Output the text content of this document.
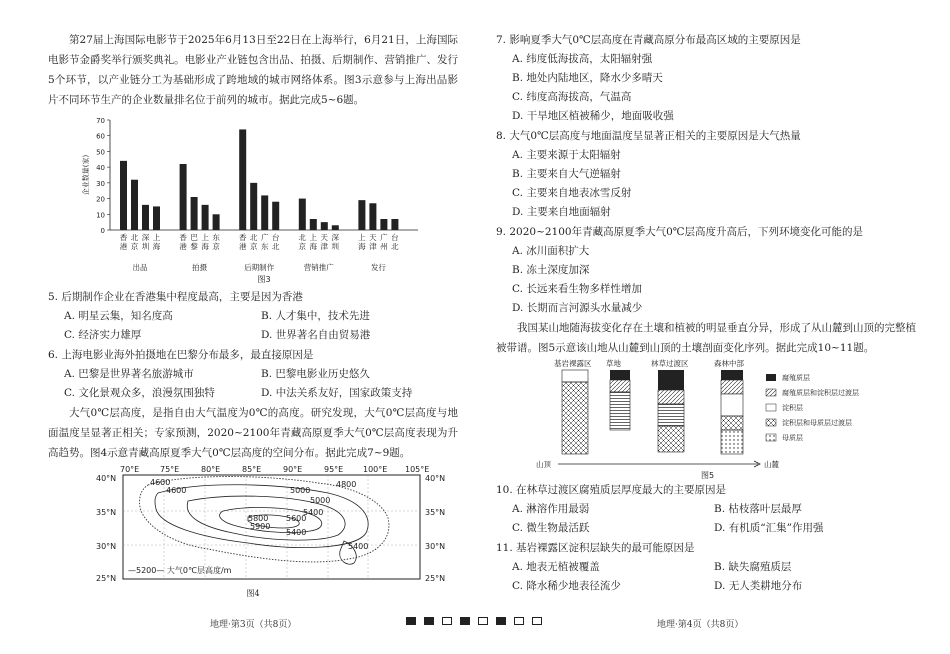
第27届上海国际电影节于2025年6月13日至22日在上海举行，6月21日，上海国际电影节金爵奖举行颁奖典礼。电影业产业链包含出品、拍摄、后期制作、营销推广、发行5个环节，以产业链分工为基础形成了跨地域的城市网络体系。图3示意参与上海出品影片不同环节生产的企业数量排名位于前列的城市。据此完成5~6题。

0
10
20
30
40
50
60
70
企业数量(家)
香
港
北
京
深
圳
上
海
出品
香
港
巴
黎
上
海
东
京
拍摄
香
港
北
京
广
东
台
北
后期制作
北
京
上
海
天
津
深
圳
营销推广
上
海
天
津
广
州
台
北
发行
图3

5. 后期制作企业在香港集中程度最高，主要是因为香港

A. 明星云集，知名度高	B. 人才集中，技术先进
C. 经济实力雄厚	D. 世界著名自由贸易港

6. 上海电影业海外拍摄地在巴黎分布最多，最直接原因是

A. 巴黎是世界著名旅游城市	B. 巴黎电影业历史悠久
C. 文化景观众多，浪漫氛围独特	D. 中法关系友好，国家政策支持

大气0℃层高度，是指自由大气温度为0℃的高度。研究发现，大气0℃层高度与地面温度呈显著正相关；专家预测，2020~2100年青藏高原夏季大气0℃层高度表现为升高趋势。图4示意青藏高原夏季大气0℃层高度的空间分布。据此完成7~9题。

70°E	75°E	80°E	85°E	90°E	95°E 100°E 105°E
40°N
35°N
30°N
25°N
40°N
35°N
30°N
25°N
4600
4600	5000
4800
5000
5400
5600
5800
5900
5400
5400
—5200— 大气0℃层高度/m
图4

7. 影响夏季大气0℃层高度在青藏高原分布最高区域的主要原因是

A. 纬度低海拔高，太阳辐射强
B. 地处内陆地区，降水少多晴天
C. 纬度高海拔高，气温高
D. 干旱地区植被稀少，地面吸收强

8. 大气0℃层高度与地面温度呈显著正相关的主要原因是大气热量

A. 主要来源于太阳辐射
B. 主要来自大气逆辐射
C. 主要来自地表冰雪反射
D. 主要来自地面辐射

9. 2020~2100年青藏高原夏季大气0℃层高度升高后，下列环境变化可能的是

A. 冰川面积扩大
B. 冻土深度加深
C. 长远来看生物多样性增加
D. 长期而言河源头水量减少

我国某山地随海拔变化存在土壤和植被的明显垂直分异，形成了从山麓到山顶的完整植被带谱。图5示意该山地从山麓到山顶的土壤剖面变化序列。据此完成10~11题。

基岩裸露区 草地	林草过渡区	森林中部
腐殖质层
腐殖质层和淀积层过渡层
淀积层
淀积层和母质层过渡层
母质层
山顶	山麓
图5

10. 在林草过渡区腐殖质层厚度最大的主要原因是

A. 淋溶作用最弱	B. 枯枝落叶层最厚
C. 微生物最活跃	D. 有机质“汇集”作用强

11. 基岩裸露区淀积层缺失的最可能原因是

A. 地表无植被覆盖	B. 缺失腐殖质层
C. 降水稀少地表径流少	D. 无人类耕地分布
地理·第3页（共8页）	地理·第4页（共8页）
